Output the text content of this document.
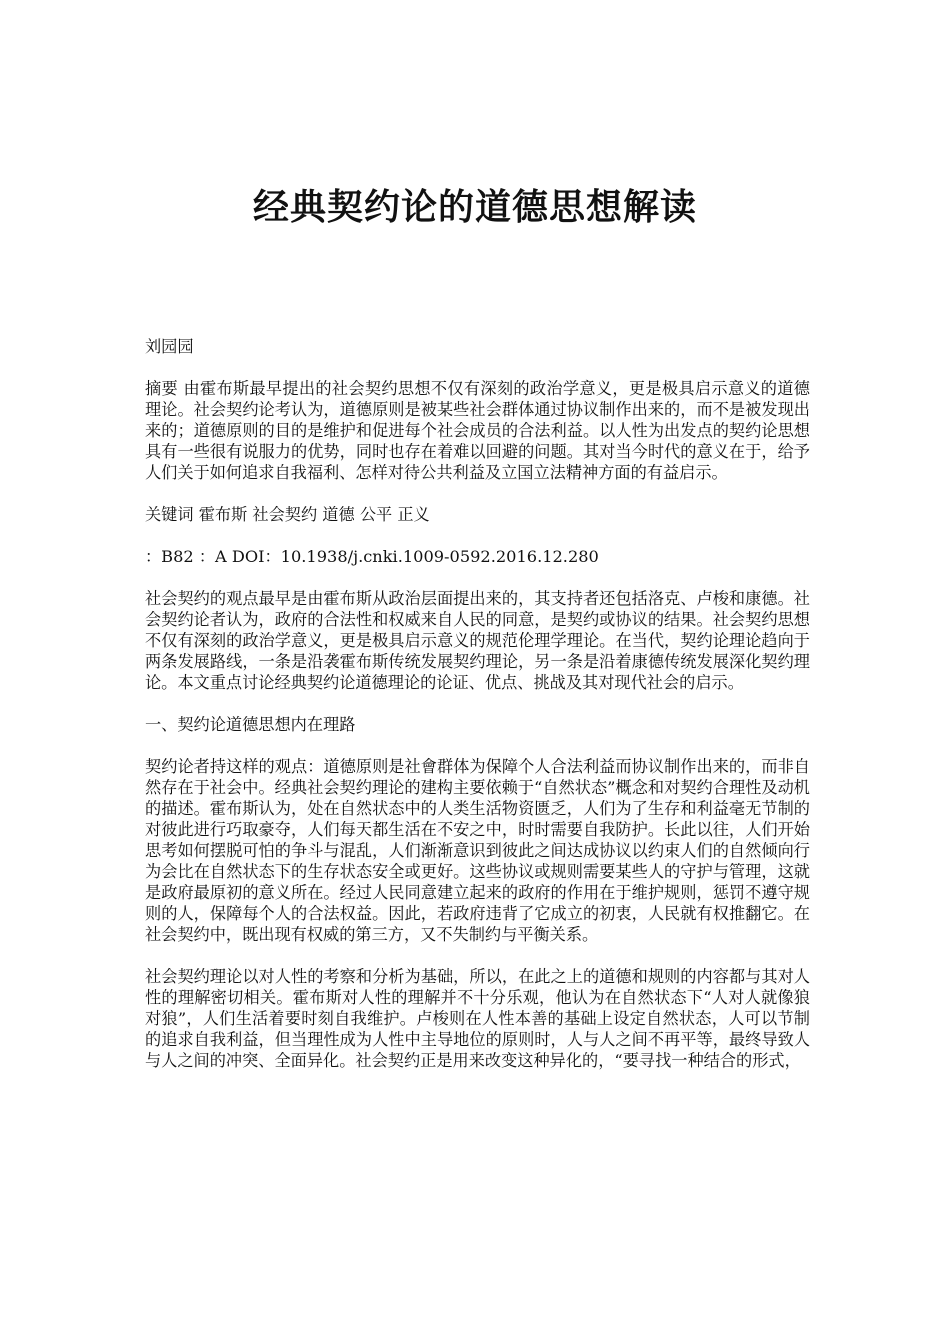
经典契约论的道德思想解读

刘园园

摘要 由霍布斯最早提出的社会契约思想不仅有深刻的政治学意义，更是极具启示意义的道德理论。社会契约论考认为，道德原则是被某些社会群体通过协议制作出来的，而不是被发现出来的；道德原则的目的是维护和促进每个社会成员的合法利益。以人性为出发点的契约论思想具有一些很有说服力的优势，同时也存在着难以回避的问题。其对当今时代的意义在于，给予人们关于如何追求自我福利、怎样对待公共利益及立国立法精神方面的有益启示。

关键词 霍布斯 社会契约 道德 公平 正义

：B82 ：A DOI：10.1938/j.cnki.1009-0592.2016.12.280

社会契约的观点最早是由霍布斯从政治层面提出来的，其支持者还包括洛克、卢梭和康德。社会契约论者认为，政府的合法性和权威来自人民的同意，是契约或协议的结果。社会契约思想不仅有深刻的政治学意义，更是极具启示意义的规范伦理学理论。在当代，契约论理论趋向于两条发展路线，一条是沿袭霍布斯传统发展契约理论，另一条是沿着康德传统发展深化契约理论。本文重点讨论经典契约论道德理论的论证、优点、挑战及其对现代社会的启示。

一、契约论道德思想内在理路

契约论者持这样的观点：道德原则是社會群体为保障个人合法利益而协议制作出来的，而非自然存在于社会中。经典社会契约理论的建构主要依赖于“自然状态”概念和对契约合理性及动机的描述。霍布斯认为，处在自然状态中的人类生活物资匮乏，人们为了生存和利益毫无节制的对彼此进行巧取豪夺，人们每天都生活在不安之中，时时需要自我防护。长此以往，人们开始思考如何摆脱可怕的争斗与混乱，人们渐渐意识到彼此之间达成协议以约束人们的自然倾向行为会比在自然状态下的生存状态安全或更好。这些协议或规则需要某些人的守护与管理，这就是政府最原初的意义所在。经过人民同意建立起来的政府的作用在于维护规则，惩罚不遵守规则的人，保障每个人的合法权益。因此，若政府违背了它成立的初衷，人民就有权推翻它。在社会契约中，既出现有权威的第三方，又不失制约与平衡关系。

社会契约理论以对人性的考察和分析为基础，所以，在此之上的道德和规则的内容都与其对人性的理解密切相关。霍布斯对人性的理解并不十分乐观，他认为在自然状态下“人对人就像狼对狼”，人们生活着要时刻自我维护。卢梭则在人性本善的基础上设定自然状态，人可以节制的追求自我利益，但当理性成为人性中主导地位的原则时，人与人之间不再平等，最终导致人与人之间的冲突、全面异化。社会契约正是用来改变这种异化的，“要寻找一种结合的形式，
